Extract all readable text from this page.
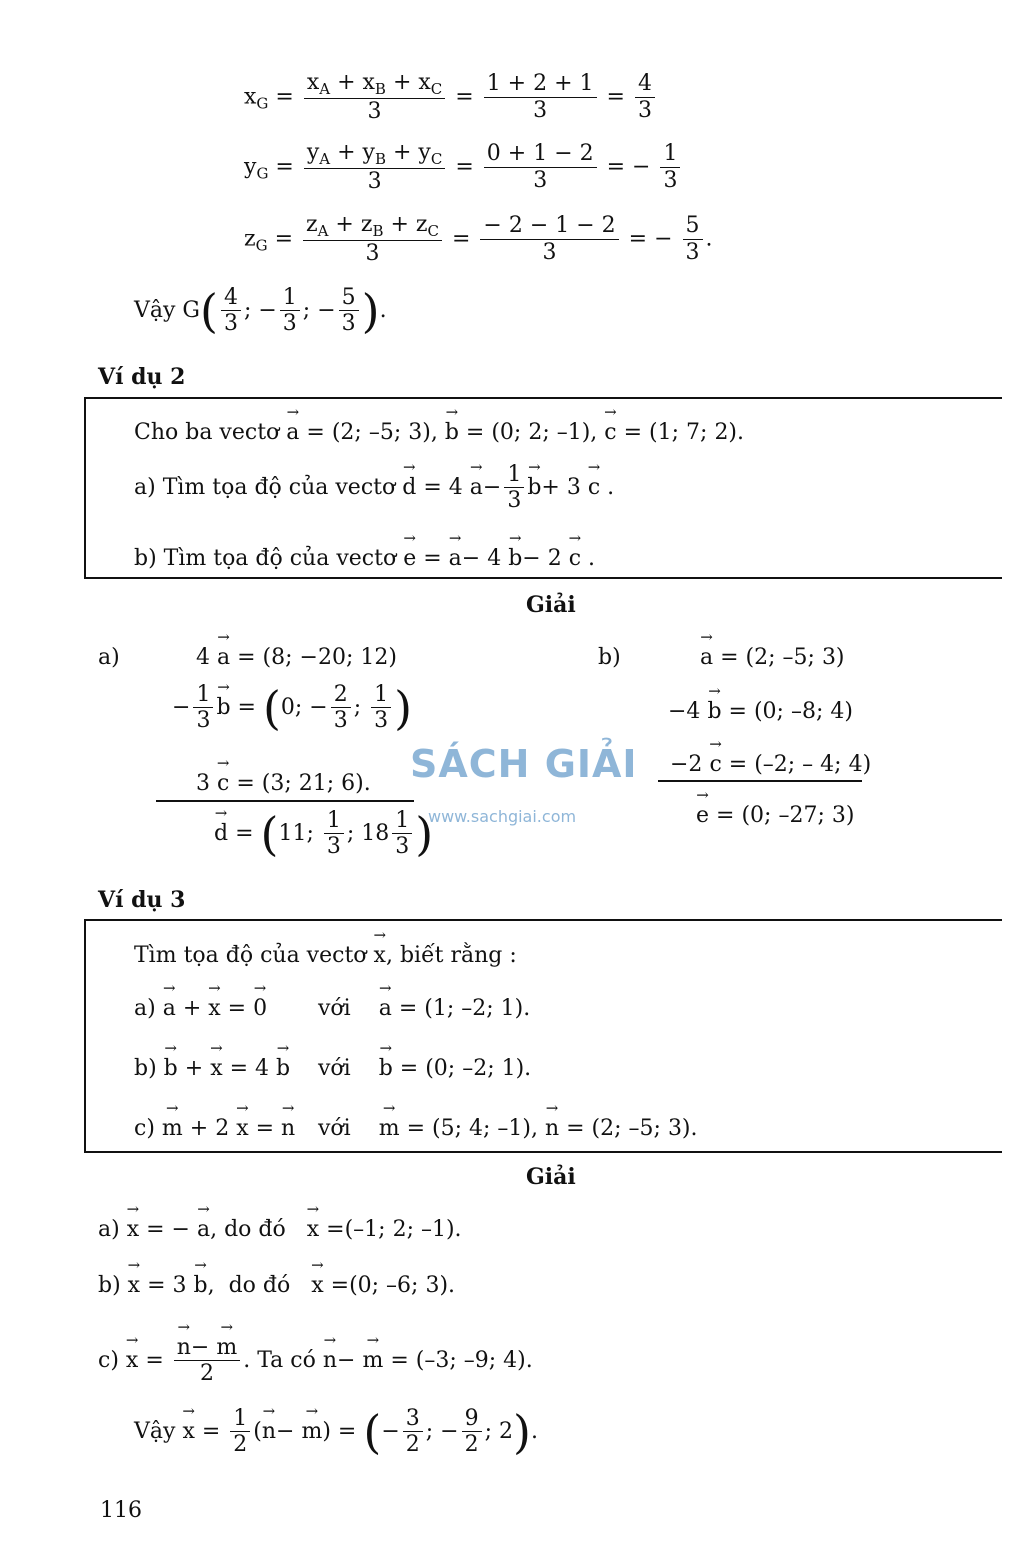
$x_G = \frac{x_A + x_B + x_C}{3} = \frac{1 + 2 + 1}{3} = \frac{4}{3}$
$y_G = \frac{y_A + y_B + y_C}{3} = \frac{0 + 1 - 2}{3}$ = − $\frac{1}{3}$
$z_G = \frac{z_A + z_B + z_C}{3} = \frac{- 2 - 1 - 2}{3}$ = − $\frac{5}{3}$ .
Vậy $G( \frac{4}{3}$ ; − $\frac{1}{3}$ ; − $\frac{5}{3}$ ).
Ví dụ 2
Cho ba vectơ → a = (2; –5; 3), → b = (0; 2; –1), → c = (1; 7; 2).
a) Tìm tọa độ của vectơ → $d = 4 \to a- \frac{1}{3}$
→ b+ 3 → c .
b) Tìm tọa độ của vectơ → e = → a− 4 → b− 2 → c .
Giải
a)	4 → a = (8; −20; 12)
− $\frac{1}{3}$
→ b = (0; − $\frac{2}{3}$ ; $\frac{1}{3}$ )
3 → c = (3; 21; 6).
→ d = (11; $\frac{1}{3}$ ; $18 \frac{1}{3}$ )
b)
→	a = (2; –5; 3)
−4 → b = (0; –8; 4)
−2 → c = (–2; – 4; 4)
→ e = (0; –27; 3)
SÁCH GIẢI
www.sachgiai.com
Ví dụ 3
Tìm tọa độ của vectơ → x, biết rằng :
a) → a + → x = → 0 với    → a = (1; –2; 1).
b) → b + → x = 4 → b với    → b = (0; –2; 1).
c) → m + 2 → x = → n với    → m = (5; 4; –1), → n = (2; –5; 3).
Giải
a) → x = − → a, do đó   → x =(–1; 2; –1).
b) → x = 3 → b,  do đó   → x =(0; –6; 3).
c) → x =
→ $\frac{n- \to m}{2}$ . Ta có → n− → m = (–3; –9; 4).
Vậy → $x = \frac{1}{2}$ (→ n− → m) = (− $\frac{3}{2}$ ; − $\frac{9}{2}$ ; 2).
116
